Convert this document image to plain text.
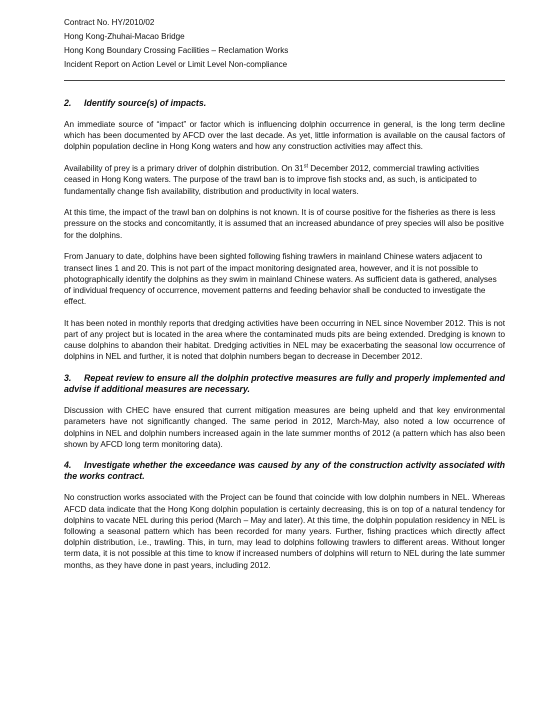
Contract No. HY/2010/02
Hong Kong-Zhuhai-Macao Bridge
Hong Kong Boundary Crossing Facilities – Reclamation Works
Incident Report on Action Level or Limit Level Non-compliance
2. Identify source(s) of impacts.

An immediate source of “impact” or factor which is influencing dolphin occurrence in general, is the long term decline which has been documented by AFCD over the last decade. As yet, little information is available on the causal factors of dolphin population decline in Hong Kong waters and how any construction activities may affect this.

Availability of prey is a primary driver of dolphin distribution. On 31st December 2012, commercial trawling activities ceased in Hong Kong waters. The purpose of the trawl ban is to improve fish stocks and, as such, is anticipated to fundamentally change fish availability, distribution and productivity in local waters.

At this time, the impact of the trawl ban on dolphins is not known. It is of course positive for the fisheries as there is less pressure on the stocks and concomitantly, it is assumed that an increased abundance of prey species will also be positive for the dolphins.

From January to date, dolphins have been sighted following fishing trawlers in mainland Chinese waters adjacent to transect lines 1 and 20. This is not part of the impact monitoring designated area, however, and it is not possible to photographically identify the dolphins as they swim in mainland Chinese waters. As sufficient data is gathered, analyses of individual frequency of occurrence, movement patterns and feeding behavior shall be conducted to investigate the effect.

It has been noted in monthly reports that dredging activities have been occurring in NEL since November 2012. This is not part of any project but is located in the area where the contaminated muds pits are being extended. Dredging is known to cause dolphins to abandon their habitat. Dredging activities in NEL may be exacerbating the seasonal low occurrence of dolphins in NEL and further, it is noted that dolphin numbers began to decrease in December 2012.

3. Repeat review to ensure all the dolphin protective measures are fully and properly implemented and advise if additional measures are necessary.

Discussion with CHEC have ensured that current mitigation measures are being upheld and that key environmental parameters have not significantly changed. The same period in 2012, March-May, also noted a low occurrence of dolphins in NEL and dolphin numbers increased again in the late summer months of 2012 (a pattern which has also been shown by AFCD long term monitoring data).

4. Investigate whether the exceedance was caused by any of the construction activity associated with the works contract.

No construction works associated with the Project can be found that coincide with low dolphin numbers in NEL. Whereas AFCD data indicate that the Hong Kong dolphin population is certainly decreasing, this is on top of a natural tendency for dolphins to vacate NEL during this period (March – May and later). At this time, the dolphin population residency in NEL is following a seasonal pattern which has been recorded for many years. Further, fishing practices which directly affect dolphin distribution, i.e., trawling. This, in turn, may lead to dolphins following trawlers to different areas. Without longer term data, it is not possible at this time to know if increased numbers of dolphins will return to NEL during the late summer months, as they have done in past years, including 2012.
